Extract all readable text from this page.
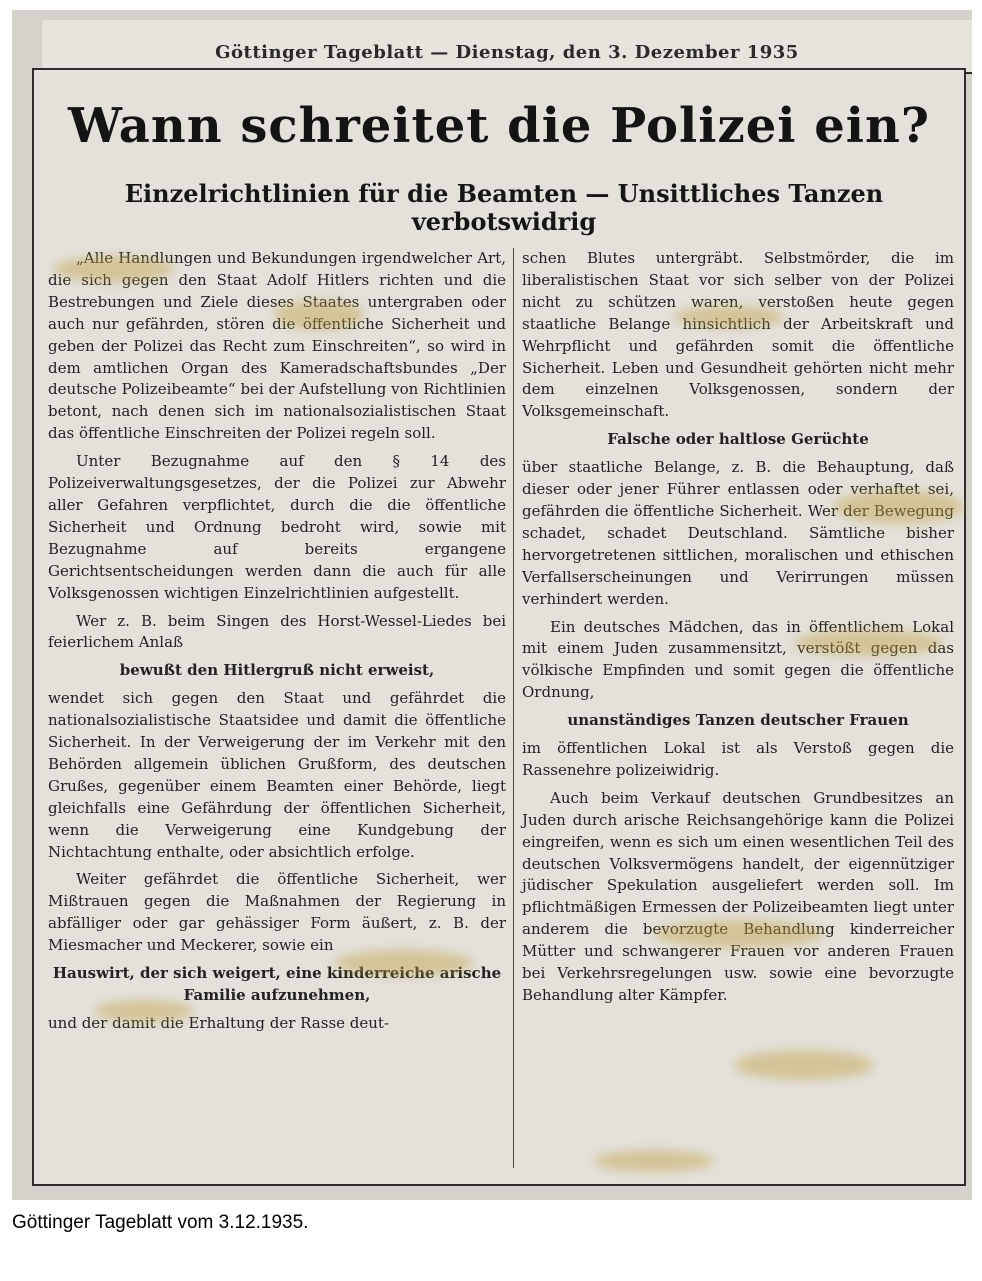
Göttinger Tageblatt — Dienstag, den 3. Dezember 1935
Wann schreitet die Polizei ein?
Einzelrichtlinien für die Beamten — Unsittliches Tanzen verbotswidrig

„Alle Handlungen und Bekundungen irgendwelcher Art, die sich gegen den Staat Adolf Hitlers richten und die Bestrebungen und Ziele dieses Staates untergraben oder auch nur gefährden, stören die öffentliche Sicherheit und geben der Polizei das Recht zum Einschreiten“, so wird in dem amtlichen Organ des Kameradschaftsbundes „Der deutsche Polizeibeamte“ bei der Aufstellung von Richtlinien betont, nach denen sich im nationalsozialistischen Staat das öffentliche Einschreiten der Polizei regeln soll.

Unter Bezugnahme auf den § 14 des Polizeiverwaltungsgesetzes, der die Polizei zur Abwehr aller Gefahren verpflichtet, durch die die öffentliche Sicherheit und Ordnung bedroht wird, sowie mit Bezugnahme auf bereits ergangene Gerichtsentscheidungen werden dann die auch für alle Volksgenossen wichtigen Einzelrichtlinien aufgestellt.

Wer z. B. beim Singen des Horst-Wessel-Liedes bei feierlichem Anlaß

bewußt den Hitlergruß nicht erweist,

wendet sich gegen den Staat und gefährdet die nationalsozialistische Staatsidee und damit die öffentliche Sicherheit. In der Verweigerung der im Verkehr mit den Behörden allgemein üblichen Grußform, des deutschen Grußes, gegenüber einem Beamten einer Behörde, liegt gleichfalls eine Gefährdung der öffentlichen Sicherheit, wenn die Verweigerung eine Kundgebung der Nichtachtung enthalte, oder absichtlich erfolge.

Weiter gefährdet die öffentliche Sicherheit, wer Mißtrauen gegen die Maßnahmen der Regierung in abfälliger oder gar gehässiger Form äußert, z. B. der Miesmacher und Meckerer, sowie ein

Hauswirt, der sich weigert, eine kinderreiche arische Familie aufzunehmen,

und der damit die Erhaltung der Rasse deut-

schen Blutes untergräbt. Selbstmörder, die im liberalistischen Staat vor sich selber von der Polizei nicht zu schützen waren, verstoßen heute gegen staatliche Belange hinsichtlich der Arbeitskraft und Wehrpflicht und gefährden somit die öffentliche Sicherheit. Leben und Gesundheit gehörten nicht mehr dem einzelnen Volksgenossen, sondern der Volksgemeinschaft.

Falsche oder haltlose Gerüchte

über staatliche Belange, z. B. die Behauptung, daß dieser oder jener Führer entlassen oder verhaftet sei, gefährden die öffentliche Sicherheit. Wer der Bewegung schadet, schadet Deutschland. Sämtliche bisher hervorgetretenen sittlichen, moralischen und ethischen Verfallserscheinungen und Verirrungen müssen verhindert werden.

Ein deutsches Mädchen, das in öffentlichem Lokal mit einem Juden zusammensitzt, verstößt gegen das völkische Empfinden und somit gegen die öffentliche Ordnung,

unanständiges Tanzen deutscher Frauen

im öffentlichen Lokal ist als Verstoß gegen die Rassenehre polizeiwidrig.

Auch beim Verkauf deutschen Grundbesitzes an Juden durch arische Reichsangehörige kann die Polizei eingreifen, wenn es sich um einen wesentlichen Teil des deutschen Volksvermögens handelt, der eigennütziger jüdischer Spekulation ausgeliefert werden soll. Im pflichtmäßigen Ermessen der Polizeibeamten liegt unter anderem die bevorzugte Behandlung kinderreicher Mütter und schwangerer Frauen vor anderen Frauen bei Verkehrsregelungen usw. sowie eine bevorzugte Behandlung alter Kämpfer.

Göttinger Tageblatt vom 3.12.1935.
